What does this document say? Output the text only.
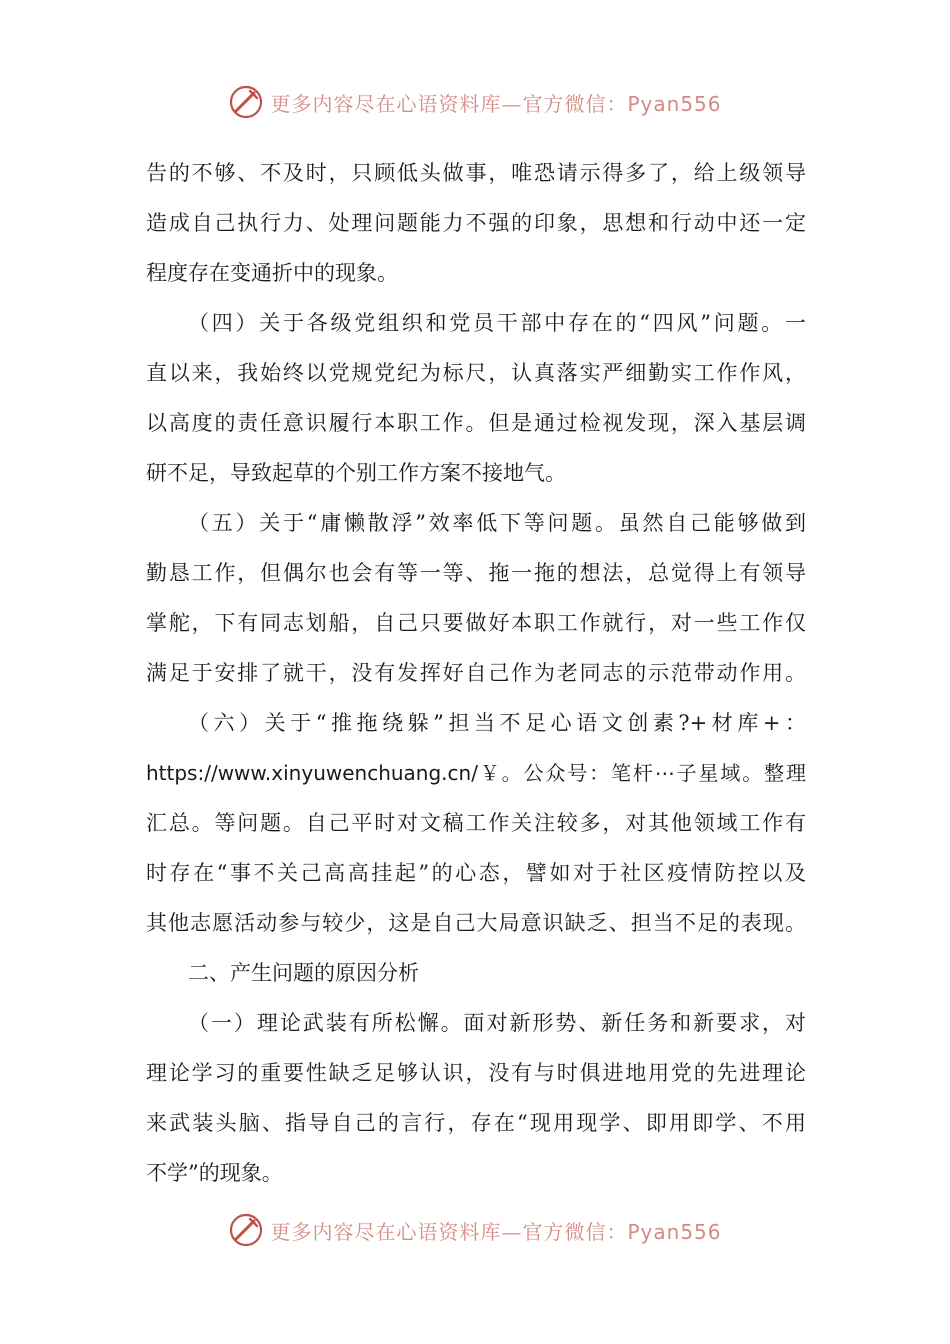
更多内容尽在心语资料库—官方微信：Pyan556
告的不够、不及时，只顾低头做事，唯恐请示得多了，给上级领导
造成自己执行力、处理问题能力不强的印象，思想和行动中还一定
程度存在变通折中的现象。
（四）关于各级党组织和党员干部中存在的“四风”问题。一
直以来，我始终以党规党纪为标尺，认真落实严细勤实工作作风，
以高度的责任意识履行本职工作。但是通过检视发现，深入基层调
研不足，导致起草的个别工作方案不接地气。
（五）关于“庸懒散浮”效率低下等问题。虽然自己能够做到
勤恳工作，但偶尔也会有等一等、拖一拖的想法，总觉得上有领导
掌舵，下有同志划船，自己只要做好本职工作就行，对一些工作仅
满足于安排了就干，没有发挥好自己作为老同志的示范带动作用。
（六）关于“推拖绕躲”担当不足心语文创素?+材库+：
https://www.xinyuwenchuang.cn/￥。公众号：笔杆⋯子星域。整理
汇总。等问题。自己平时对文稿工作关注较多，对其他领域工作有
时存在“事不关己高高挂起”的心态，譬如对于社区疫情防控以及
其他志愿活动参与较少，这是自己大局意识缺乏、担当不足的表现。
二、产生问题的原因分析
（一）理论武装有所松懈。面对新形势、新任务和新要求，对
理论学习的重要性缺乏足够认识，没有与时俱进地用党的先进理论
来武装头脑、指导自己的言行，存在“现用现学、即用即学、不用
不学”的现象。
更多内容尽在心语资料库—官方微信：Pyan556
